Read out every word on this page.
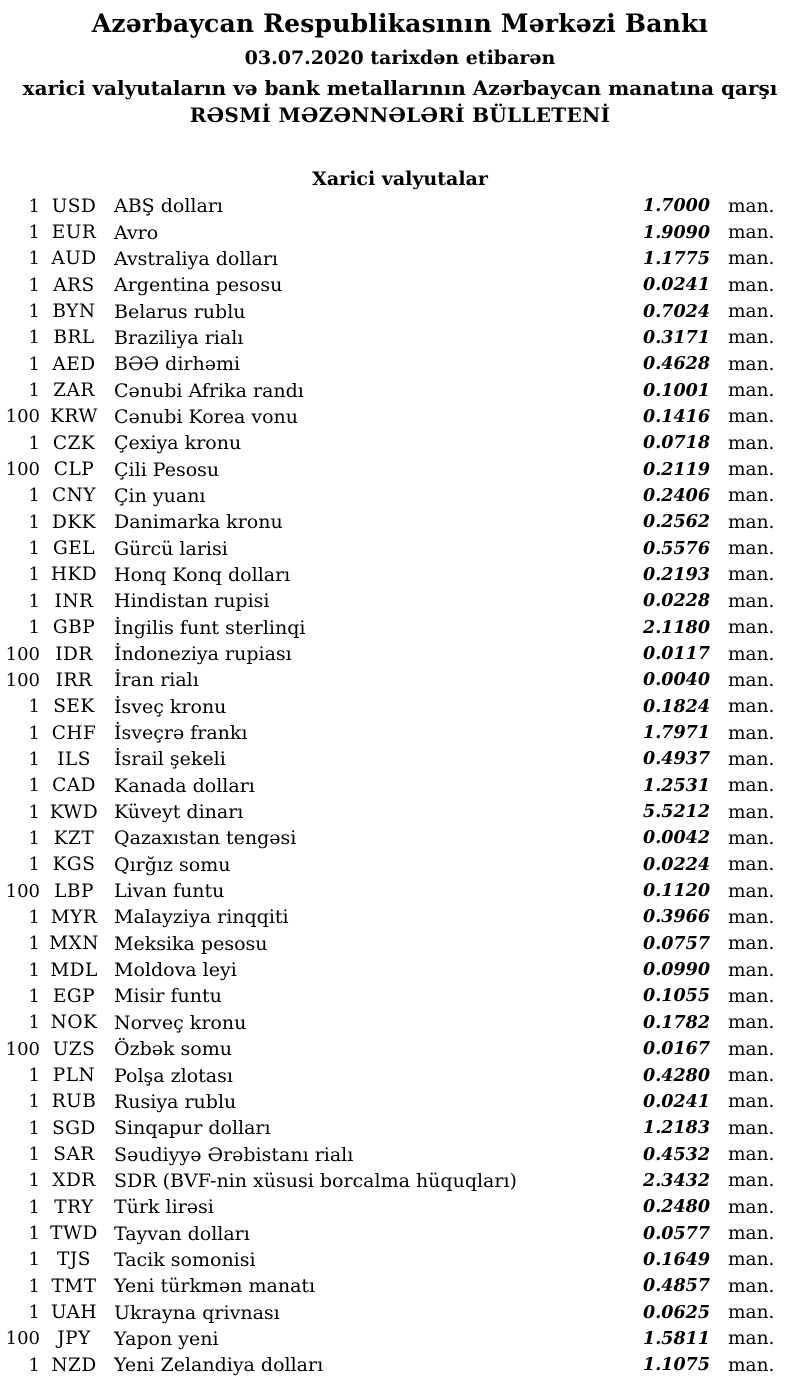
Azərbaycan Respublikasının Mərkəzi Bankı
03.07.2020 tarixdən etibarən
xarici valyutaların və bank metallarının Azərbaycan manatına qarşı
RƏSMİ MƏZƏNNƏLƏRİ BÜLLETENİ
Xarici valyutalar
1 USD ABŞ dolları	1.7000 man.
1 EUR Avro	1.9090 man.
1 AUD Avstraliya dolları	1.1775 man.
1 ARS	Argentina pesosu	0.0241 man.
1 BYN Belarus rublu	0.7024 man.
1 BRL	Braziliya rialı	0.3171 man.
1 AED BƏƏ dirhəmi	0.4628 man.
1 ZAR	Cənubi Afrika randı	0.1001 man.
100 KRW Cənubi Korea vonu	0.1416 man.
1 CZK Çexiya kronu	0.0718 man.
100 CLP	Çili Pesosu	0.2119 man.
1 CNY Çin yuanı	0.2406 man.
1 DKK Danimarka kronu	0.2562 man.
1 GEL Gürcü larisi	0.5576 man.
1 HKD Honq Konq dolları	0.2193 man.
1 INR	Hindistan rupisi	0.0228 man.
1 GBP İngilis funt sterlinqi	2.1180 man.
100 IDR	İndoneziya rupiası	0.0117 man.
100 IRR	İran rialı	0.0040 man.
1 SEK	İsveç kronu	0.1824 man.
1 CHF İsveçrə frankı	1.7971 man.
1 ILS	İsrail şekeli	0.4937 man.
1 CAD Kanada dolları	1.2531 man.
1 KWD Küveyt dinarı	5.5212 man.
1 KZT	Qazaxıstan tengəsi	0.0042 man.
1 KGS Qırğız somu	0.0224 man.
100 LBP	Livan funtu	0.1120 man.
1 MYR Malayziya rinqqiti	0.3966 man.
1 MXN Meksika pesosu	0.0757 man.
1 MDL Moldova leyi	0.0990 man.
1 EGP Misir funtu	0.1055 man.
1 NOK Norveç kronu	0.1782 man.
100 UZS Özbək somu	0.0167 man.
1 PLN Polşa zlotası	0.4280 man.
1 RUB Rusiya rublu	0.0241 man.
1 SGD Sinqapur dolları	1.2183 man.
1 SAR	Səudiyyə Ərəbistanı rialı	0.4532 man.
1 XDR SDR (BVF-nin xüsusi borcalma hüquqları)	2.3432 man.
1 TRY	Türk lirəsi	0.2480 man.
1 TWD Tayvan dolları	0.0577 man.
1 TJS	Tacik somonisi	0.1649 man.
1 TMT Yeni türkmən manatı	0.4857 man.
1 UAH Ukrayna qrivnası	0.0625 man.
100 JPY	Yapon yeni	1.5811 man.
1 NZD Yeni Zelandiya dolları	1.1075 man.
